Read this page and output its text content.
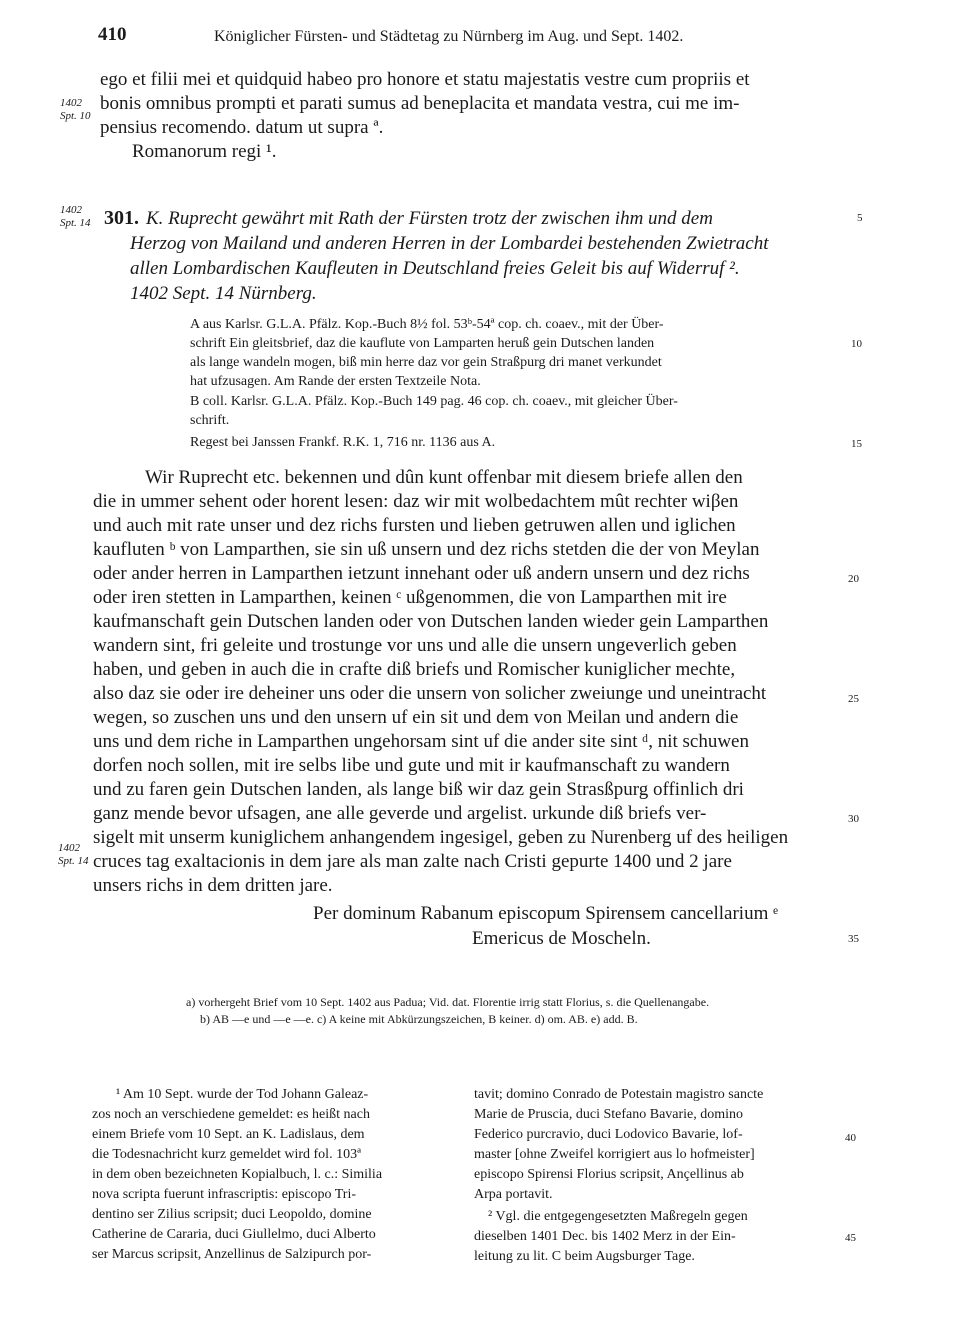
410	Königlicher Fürsten- und Städtetag zu Nürnberg im Aug. und Sept. 1402.
1402
Spt. 10
ego et filii mei et quidquid habeo pro honore et statu majestatis vestre cum propriis et
bonis omnibus prompti et parati sumus ad beneplacita et mandata vestra, cui me im-
pensius recomendo. datum ut supra ª.
Romanorum regi ¹.
1402
Spt. 14 301. K. Ruprecht gewährt mit Rath der Fürsten trotz der zwischen ihm und dem
Herzog von Mailand und anderen Herren in der Lombardei bestehenden Zwietracht
allen Lombardischen Kaufleuten in Deutschland freies Geleit bis auf Widerruf ².
1402 Sept. 14 Nürnberg.
A aus Karlsr. G.L.A. Pfälz. Kop.-Buch 8½ fol. 53ᵇ-54ª cop. ch. coaev., mit der Über-
schrift Ein gleitsbrief, daz die kauflute von Lamparten heruß gein Dutschen landen
als lange wandeln mogen, biß min herre daz vor gein Straßpurg dri manet verkundet
hat ufzusagen. Am Rande der ersten Textzeile Nota.
B coll. Karlsr. G.L.A. Pfälz. Kop.-Buch 149 pag. 46 cop. ch. coaev., mit gleicher Über-
schrift.
Regest bei Janssen Frankf. R.K. 1, 716 nr. 1136 aus A.
Wir Ruprecht etc. bekennen und dûn kunt offenbar mit diesem briefe allen den
die in ummer sehent oder horent lesen: daz wir mit wolbedachtem mût rechter wiβen
und auch mit rate unser und dez richs fursten und lieben getruwen allen und iglichen
kaufluten ᵇ von Lamparthen, sie sin uß unsern und dez richs stetden die der von Meylan
oder ander herren in Lamparthen ietzunt innehant oder uß andern unsern und dez richs
oder iren stetten in Lamparthen, keinen ᶜ ußgenommen, die von Lamparthen mit ire
kaufmanschaft gein Dutschen landen oder von Dutschen landen wieder gein Lamparthen
wandern sint, fri geleite und trostunge vor uns und alle die unsern ungeverlich geben
haben, und geben in auch die in crafte diß briefs und Romischer kuniglicher mechte,
also daz sie oder ire deheiner uns oder die unsern von solicher zweiunge und uneintracht
wegen, so zuschen uns und den unsern uf ein sit und dem von Meilan und andern die
uns und dem riche in Lamparthen ungehorsam sint uf die ander site sint ᵈ, nit schuwen
dorfen noch sollen, mit ire selbs libe und gute und mit ir kaufmanschaft zu wandern
und zu faren gein Dutschen landen, als lange biß wir daz gein Strasßpurg offinlich dri
ganz mende bevor ufsagen, ane alle geverde und argelist. urkunde diß briefs ver-
sigelt mit unserm kuniglichem anhangendem ingesigel, geben zu Nurenberg uf des heiligen
cruces tag exaltacionis in dem jare als man zalte nach Cristi gepurte 1400 und 2 jare
unsers richs in dem dritten jare.
1402
Spt. 14
Per dominum Rabanum episcopum Spirensem cancellarium ᵉ
Emericus de Moscheln.
a) vorhergeht Brief vom 10 Sept. 1402 aus Padua; Vid. dat. Florentie irrig statt Florius, s. die Quellenangabe.
b) AB —e und —e —e. c) A keine mit Abkürzungszeichen, B keiner. d) om. AB. e) add. B.
¹ Am 10 Sept. wurde der Tod Johann Galeaz-
zos noch an verschiedene gemeldet: es heißt nach
einem Briefe vom 10 Sept. an K. Ladislaus, dem
die Todesnachricht kurz gemeldet wird fol. 103ª
in dem oben bezeichneten Kopialbuch, l. c.: Similia
nova scripta fuerunt infrascriptis: episcopo Tri-
dentino ser Zilius scripsit; duci Leopoldo, domine
Catherine de Cararia, duci Giullelmo, duci Alberto
ser Marcus scripsit, Anzellinus de Salzipurch por-
tavit; domino Conrado de Potestain magistro sancte
Marie de Pruscia, duci Stefano Bavarie, domino
Federico purcravio, duci Lodovico Bavarie, lof-
master [ohne Zweifel korrigiert aus lo hofmeister]
episcopo Spirensi Florius scripsit, Ançellinus ab
Arpa portavit.
² Vgl. die entgegengesetzten Maßregeln gegen
dieselben 1401 Dec. bis 1402 Merz in der Ein-
leitung zu lit. C beim Augsburger Tage.
5
10
15
20
25
30
35
40
45
